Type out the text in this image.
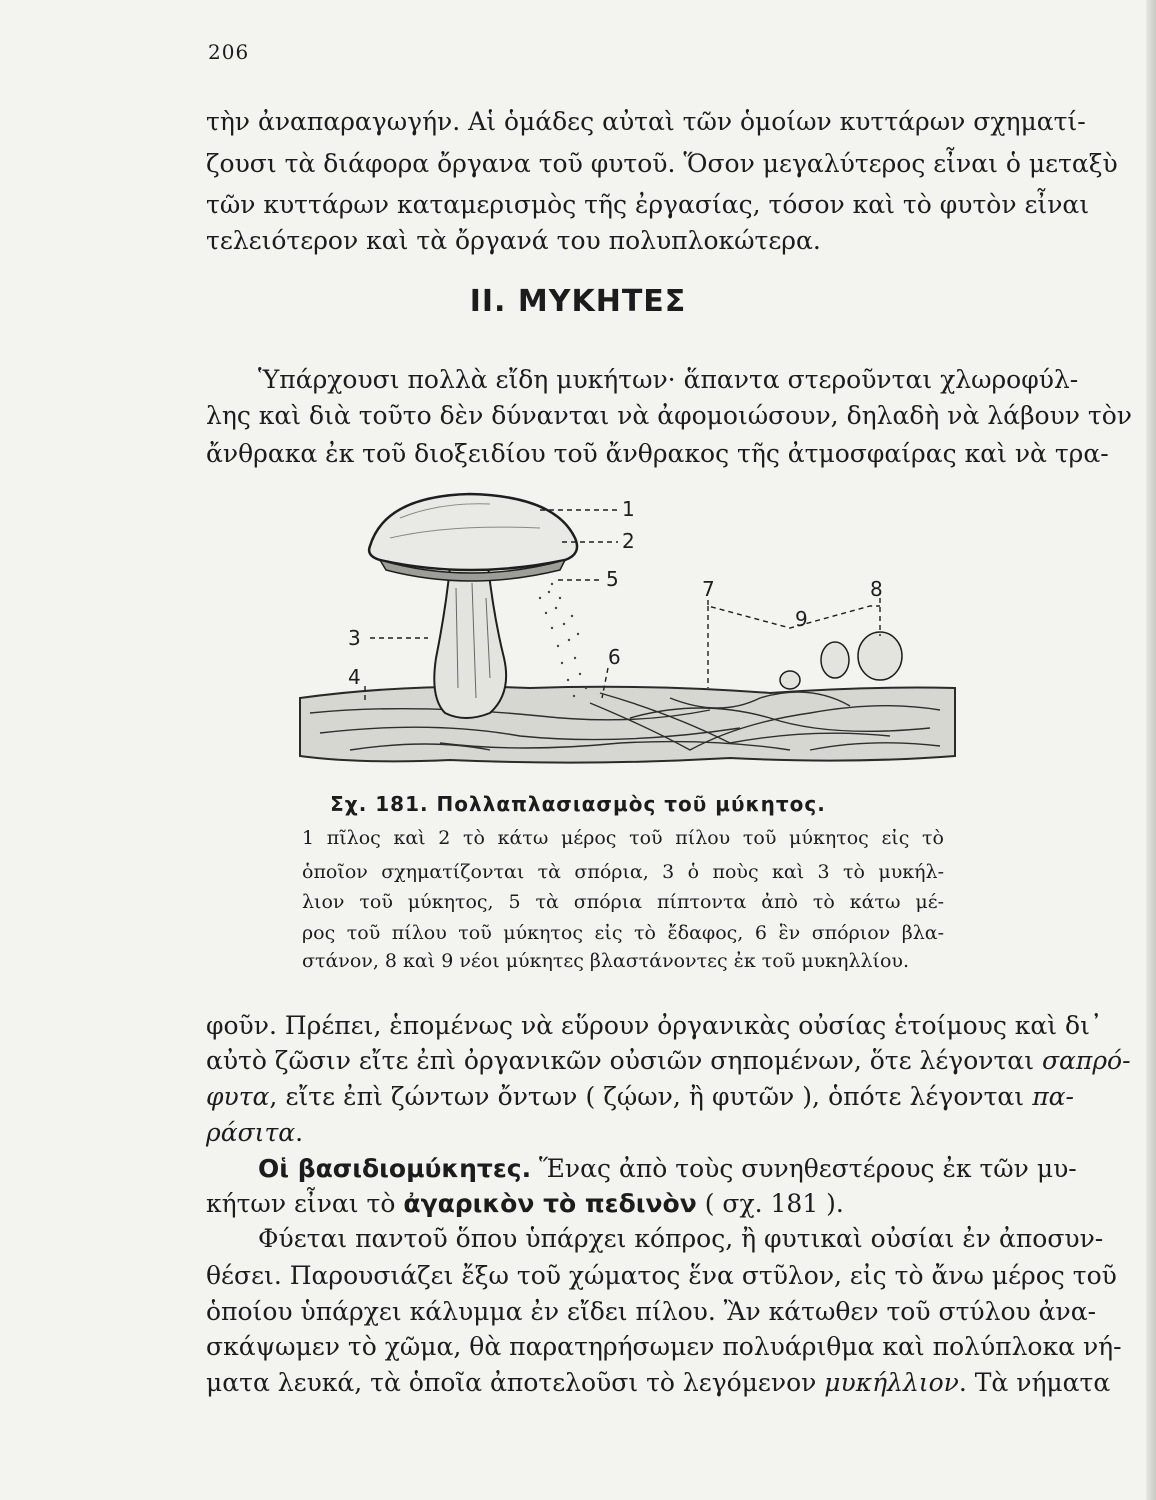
206
τὴν ἀναπαραγωγήν. Αἱ ὁμάδες αὐταὶ τῶν ὁμοίων κυττάρων σχηματί-
ζουσι τὰ διάφορα ὄργανα τοῦ φυτοῦ. Ὅσον μεγαλύτερος εἶναι ὁ μεταξὺ
τῶν κυττάρων καταμερισμὸς τῆς ἐργασίας, τόσον καὶ τὸ φυτὸν εἶναι
τελειότερον καὶ τὰ ὄργανά του πολυπλοκώτερα.
ΙΙ. ΜΥΚΗΤΕΣ
Ὑπάρχουσι πολλὰ εἴδη μυκήτων· ἅπαντα στεροῦνται χλωροφύλ-
λης καὶ διὰ τοῦτο δὲν δύνανται νὰ ἀφομοιώσουν, δηλαδὴ νὰ λάβουν τὸν
ἄνθρακα ἐκ τοῦ διοξειδίου τοῦ ἄνθρακος τῆς ἀτμοσφαίρας καὶ νὰ τρα-
1
2
3
4
5
6
7	8
9
Σχ. 181. Πολλαπλασιασμὸς τοῦ μύκητος.
1 πῖλος καὶ 2 τὸ κάτω μέρος τοῦ πίλου τοῦ μύκητος εἰς τὸ
ὁποῖον σχηματίζονται τὰ σπόρια, 3 ὁ ποὺς καὶ 3 τὸ μυκήλ-
λιον τοῦ μύκητος, 5 τὰ σπόρια πίπτοντα ἀπὸ τὸ κάτω μέ-
ρος τοῦ πίλου τοῦ μύκητος εἰς τὸ ἔδαφος, 6 ἓν σπόριον βλα-
στάνον, 8 καὶ 9 νέοι μύκητες βλαστάνοντες ἐκ τοῦ μυκηλλίου.
φοῦν. Πρέπει, ἑπομένως νὰ εὕρουν ὀργανικὰς οὐσίας ἑτοίμους καὶ δι᾽
αὐτὸ ζῶσιν εἴτε ἐπὶ ὀργανικῶν οὐσιῶν σηπομένων, ὅτε λέγονται σαπρό-
φυτα, εἴτε ἐπὶ ζώντων ὄντων ( ζῴων, ἢ φυτῶν ), ὁπότε λέγονται πα-
ράσιτα.
Οἱ βασιδιομύκητες. Ἕνας ἀπὸ τοὺς συνηθεστέρους ἐκ τῶν μυ-
κήτων εἶναι τὸ ἀγαρικὸν τὸ πεδινὸν ( σχ. 181 ).
Φύεται παντοῦ ὅπου ὑπάρχει κόπρος, ἢ φυτικαὶ οὐσίαι ἐν ἀποσυν-
θέσει. Παρουσιάζει ἔξω τοῦ χώματος ἕνα στῦλον, εἰς τὸ ἄνω μέρος τοῦ
ὁποίου ὑπάρχει κάλυμμα ἐν εἴδει πίλου. Ἂν κάτωθεν τοῦ στύλου ἀνα-
σκάψωμεν τὸ χῶμα, θὰ παρατηρήσωμεν πολυάριθμα καὶ πολύπλοκα νή-
ματα λευκά, τὰ ὁποῖα ἀποτελοῦσι τὸ λεγόμενον μυκήλλιον. Τὰ νήματα
